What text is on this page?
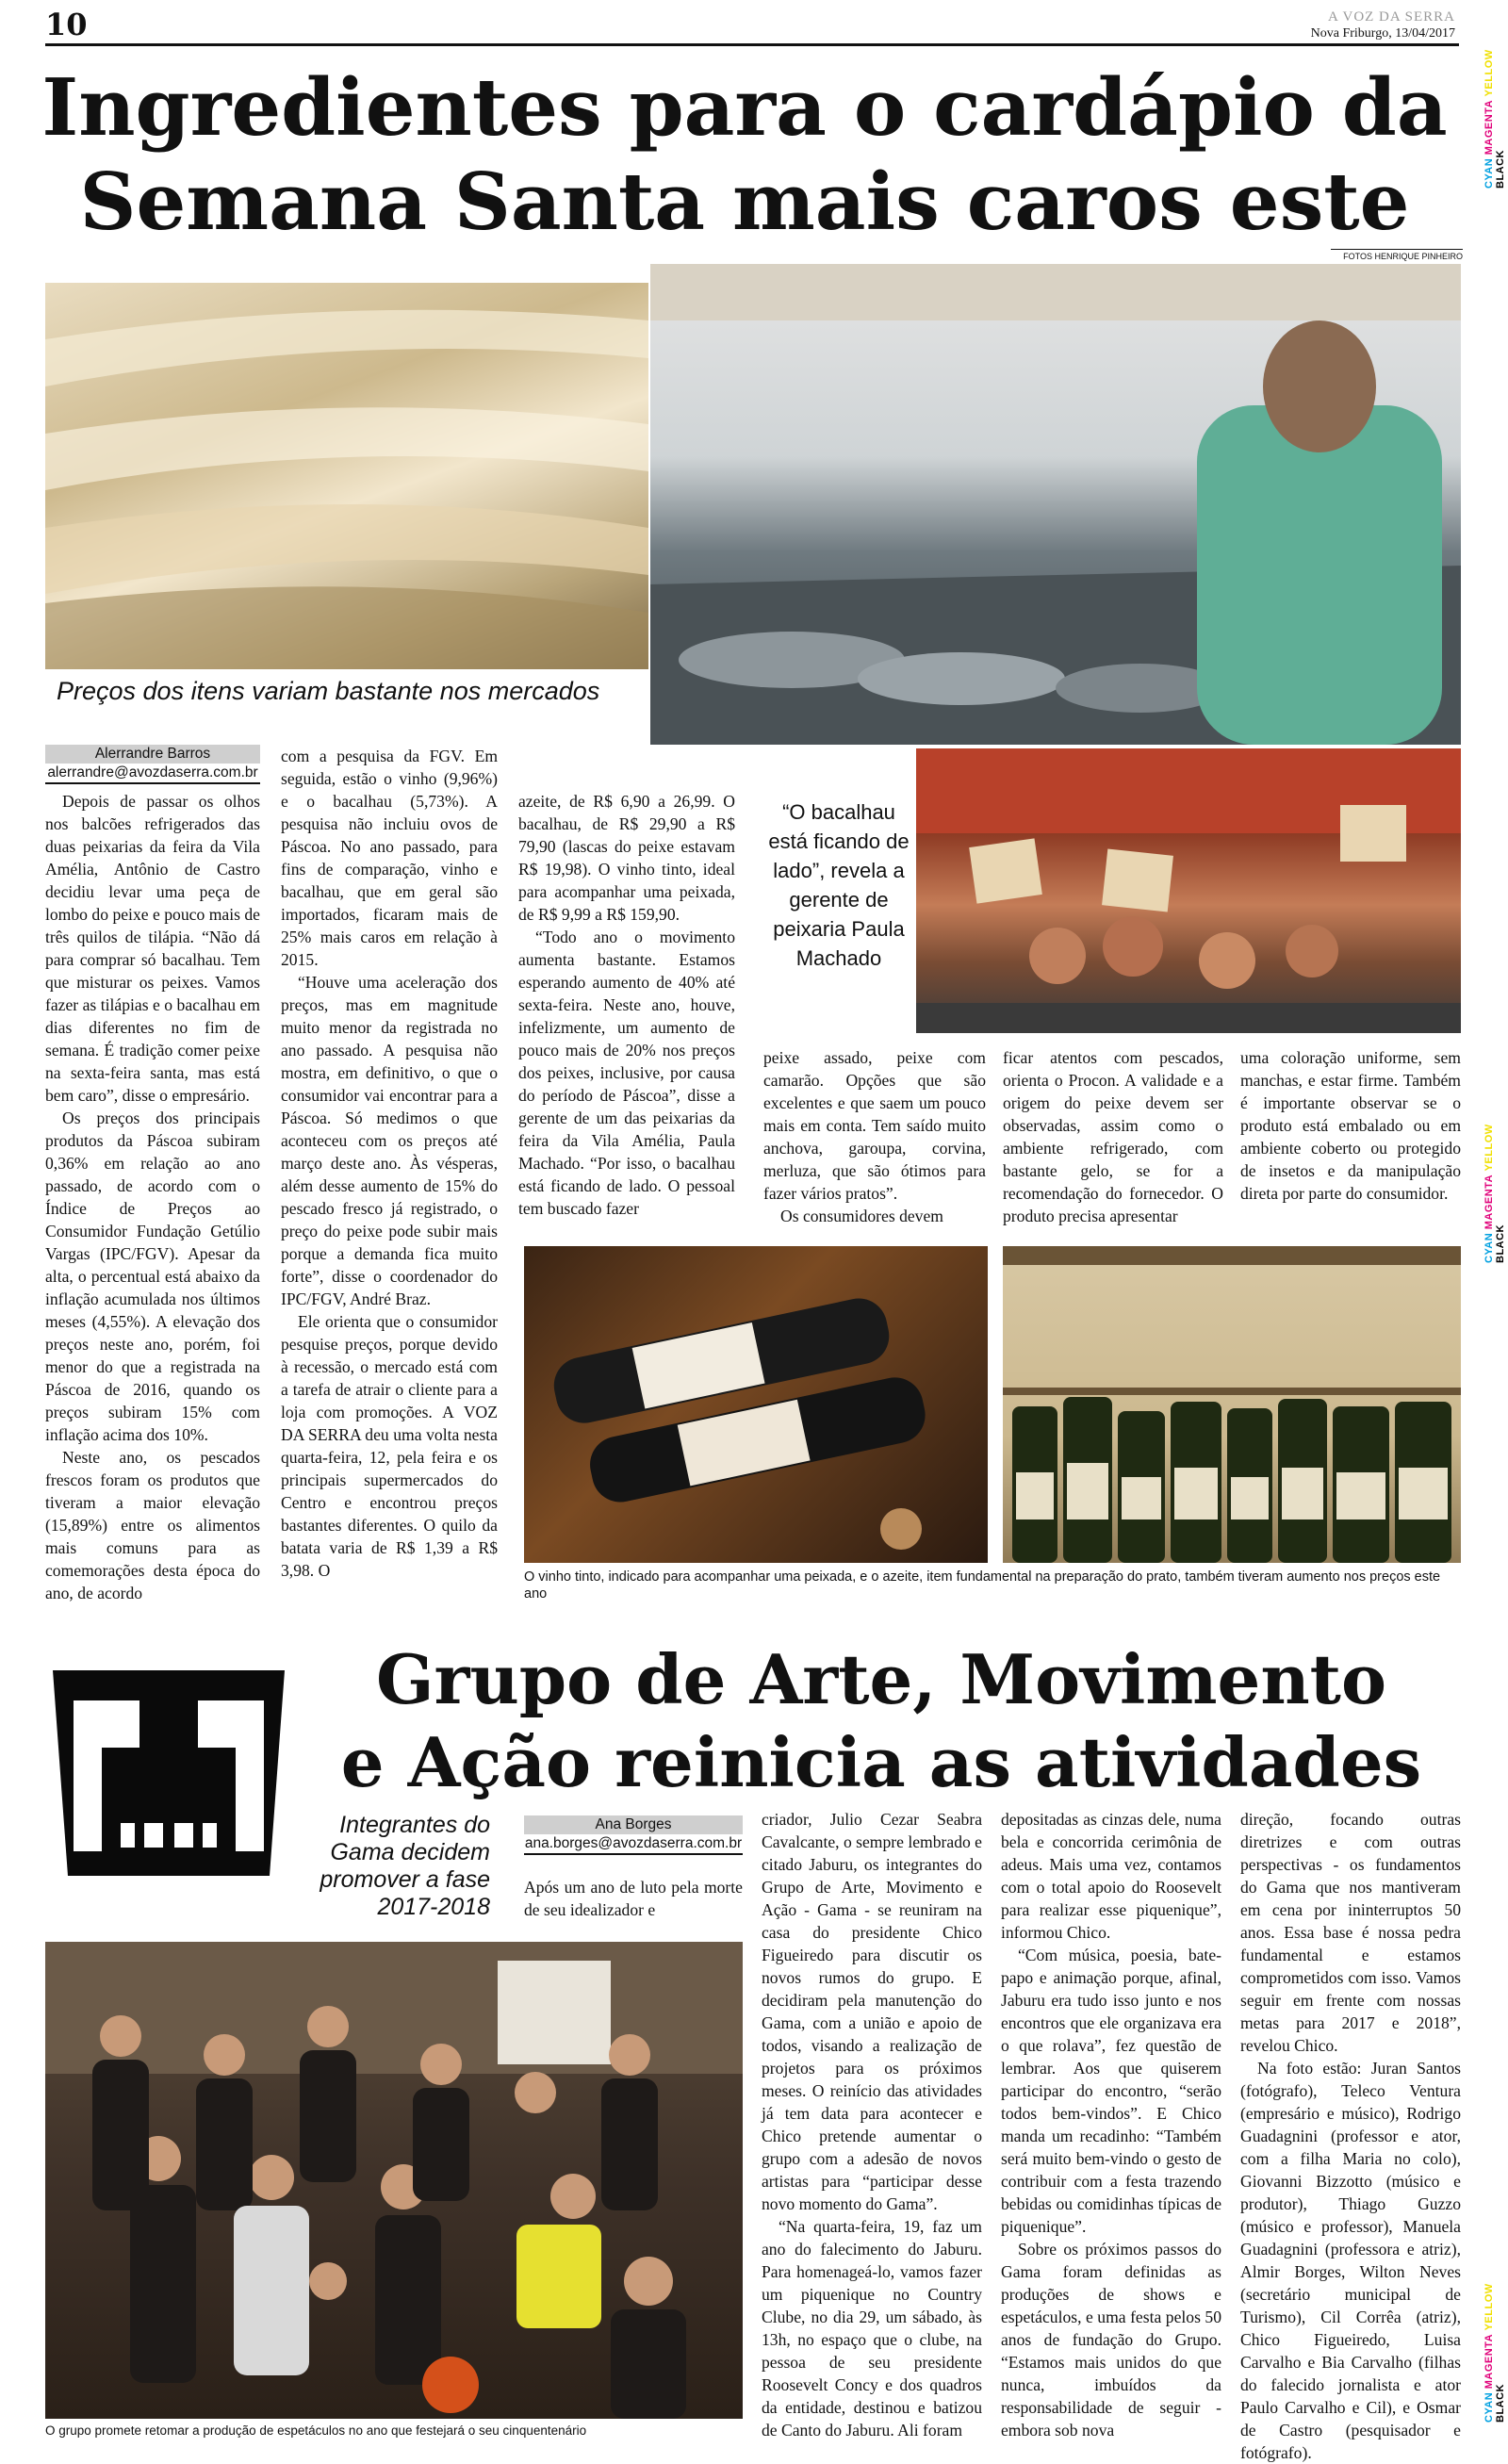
10	A VOZ DA SERRA
Nova Friburgo, 13/04/2017
CYAN MAGENTA YELLOW BLACK
CYAN MAGENTA YELLOW BLACK
CYAN MAGENTA YELLOW BLACK
Ingredientes para o cardápio da
Semana Santa mais caros este
FOTOS HENRIQUE PINHEIRO
Preços dos itens variam bastante nos mercados
Alerrandre Barros
alerrandre@avozdaserra.com.br

Depois de passar os olhos nos balcões refrigerados das duas peixarias da feira da Vila Amélia, Antônio de Castro decidiu levar uma peça de lombo do peixe e pouco mais de três quilos de tilápia. “Não dá para comprar só bacalhau. Tem que misturar os peixes. Vamos fazer as tilápias e o bacalhau em dias diferentes no fim de semana. É tradição comer peixe na sexta-feira santa, mas está bem caro”, disse o empresário.

Os preços dos principais produtos da Páscoa subiram 0,36% em relação ao ano passado, de acordo com o Índice de Preços ao Consumidor Fundação Getúlio Vargas (IPC/FGV). Apesar da alta, o percentual está abaixo da inflação acumulada nos últimos meses (4,55%). A elevação dos preços neste ano, porém, foi menor do que a registrada na Páscoa de 2016, quando os preços subiram 15% com inflação acima dos 10%.

Neste ano, os pescados frescos foram os produtos que tiveram a maior elevação (15,89%) entre os alimentos mais comuns para as comemorações desta época do ano, de acordo

com a pesquisa da FGV. Em seguida, estão o vinho (9,96%) e o bacalhau (5,73%). A pesquisa não incluiu ovos de Páscoa. No ano passado, para fins de comparação, vinho e bacalhau, que em geral são importados, ficaram mais de 25% mais caros em relação à 2015.

“Houve uma aceleração dos preços, mas em magnitude muito menor da registrada no ano passado. A pesquisa não mostra, em definitivo, o que o consumidor vai encontrar para a Páscoa. Só medimos o que aconteceu com os preços até março deste ano. Às vésperas, além desse aumento de 15% do pescado fresco já registrado, o preço do peixe pode subir mais porque a demanda fica muito forte”, disse o coordenador do IPC/FGV, André Braz.

Ele orienta que o consumidor pesquise preços, porque devido à recessão, o mercado está com a tarefa de atrair o cliente para a loja com promoções. A VOZ DA SERRA deu uma volta nesta quarta-feira, 12, pela feira e os principais supermercados do Centro e encontrou preços bastantes diferentes. O quilo da batata varia de R$ 1,39 a R$ 3,98. O

azeite, de R$ 6,90 a 26,99. O bacalhau, de R$ 29,90 a R$ 79,90 (lascas do peixe estavam R$ 19,98). O vinho tinto, ideal para acompanhar uma peixada, de R$ 9,99 a R$ 159,90.

“Todo ano o movimento aumenta bastante. Estamos esperando aumento de 40% até sexta-feira. Neste ano, houve, infelizmente, um aumento de pouco mais de 20% nos preços dos peixes, inclusive, por causa do período de Páscoa”, disse a gerente de um das peixarias da feira da Vila Amélia, Paula Machado. “Por isso, o bacalhau está ficando de lado. O pessoal tem buscado fazer

“O bacalhau está ficando de lado”, revela a gerente de peixaria Paula Machado

peixe assado, peixe com camarão. Opções que são excelentes e que saem um pouco mais em conta. Tem saído muito anchova, garoupa, corvina, merluza, que são ótimos para fazer vários pratos”.

Os consumidores devem

ficar atentos com pescados, orienta o Procon. A validade e a origem do peixe devem ser observadas, assim como o ambiente refrigerado, com bastante gelo, se for a recomendação do fornecedor. O produto precisa apresentar

uma coloração uniforme, sem manchas, e estar firme. Também é importante observar se o produto está embalado ou em ambiente coberto ou protegido de insetos e da manipulação direta por parte do consumidor.

O vinho tinto, indicado para acompanhar uma peixada, e o azeite, item fundamental na preparação do prato, também tiveram aumento nos preços este ano
Grupo de Arte, Movimento
e Ação reinicia as atividades
Integrantes do Gama decidem promover a fase 2017-2018
Ana Borges
ana.borges@avozdaserra.com.br

Após um ano de luto pela morte de seu idealizador e

criador, Julio Cezar Seabra Cavalcante, o sempre lembrado e citado Jaburu, os integrantes do Grupo de Arte, Movimento e Ação - Gama - se reuniram na casa do presidente Chico Figueiredo para discutir os novos rumos do grupo. E decidiram pela manutenção do Gama, com a união e apoio de todos, visando a realização de projetos para os próximos meses. O reinício das atividades já tem data para acontecer e Chico pretende aumentar o grupo com a adesão de novos artistas para “participar desse novo momento do Gama”.

“Na quarta-feira, 19, faz um ano do falecimento do Jaburu. Para homenageá-lo, vamos fazer um piquenique no Country Clube, no dia 29, um sábado, às 13h, no espaço que o clube, na pessoa de seu presidente Roosevelt Concy e dos quadros da entidade, destinou e batizou de Canto do Jaburu. Ali foram

depositadas as cinzas dele, numa bela e concorrida cerimônia de adeus. Mais uma vez, contamos com o total apoio do Roosevelt para realizar esse piquenique”, informou Chico.

“Com música, poesia, bate-papo e animação porque, afinal, Jaburu era tudo isso junto e nos encontros que ele organizava era o que rolava”, fez questão de lembrar. Aos que quiserem participar do encontro, “serão todos bem-vindos”. E Chico manda um recadinho: “Também será muito bem-vindo o gesto de contribuir com a festa trazendo bebidas ou comidinhas típicas de piquenique”.

Sobre os próximos passos do Gama foram definidas as produções de shows e espetáculos, e uma festa pelos 50 anos de fundação do Grupo. “Estamos mais unidos do que nunca, imbuídos da responsabilidade de seguir - embora sob nova

direção, focando outras diretrizes e com outras perspectivas - os fundamentos do Gama que nos mantiveram em cena por ininterruptos 50 anos. Essa base é nossa pedra fundamental e estamos comprometidos com isso. Vamos seguir em frente com nossas metas para 2017 e 2018”, revelou Chico.

Na foto estão: Juran Santos (fotógrafo), Teleco Ventura (empresário e músico), Rodrigo Guadagnini (professor e ator, com a filha Maria no colo), Giovanni Bizzotto (músico e produtor), Thiago Guzzo (músico e professor), Manuela Guadagnini (professora e atriz), Almir Borges, Wilton Neves (secretário municipal de Turismo), Cil Corrêa (atriz), Chico Figueiredo, Luisa Carvalho e Bia Carvalho (filhas do falecido jornalista e ator Paulo Carvalho e Cil), e Osmar de Castro (pesquisador e fotógrafo).

O grupo promete retomar a produção de espetáculos no ano que festejará o seu cinquentenário
